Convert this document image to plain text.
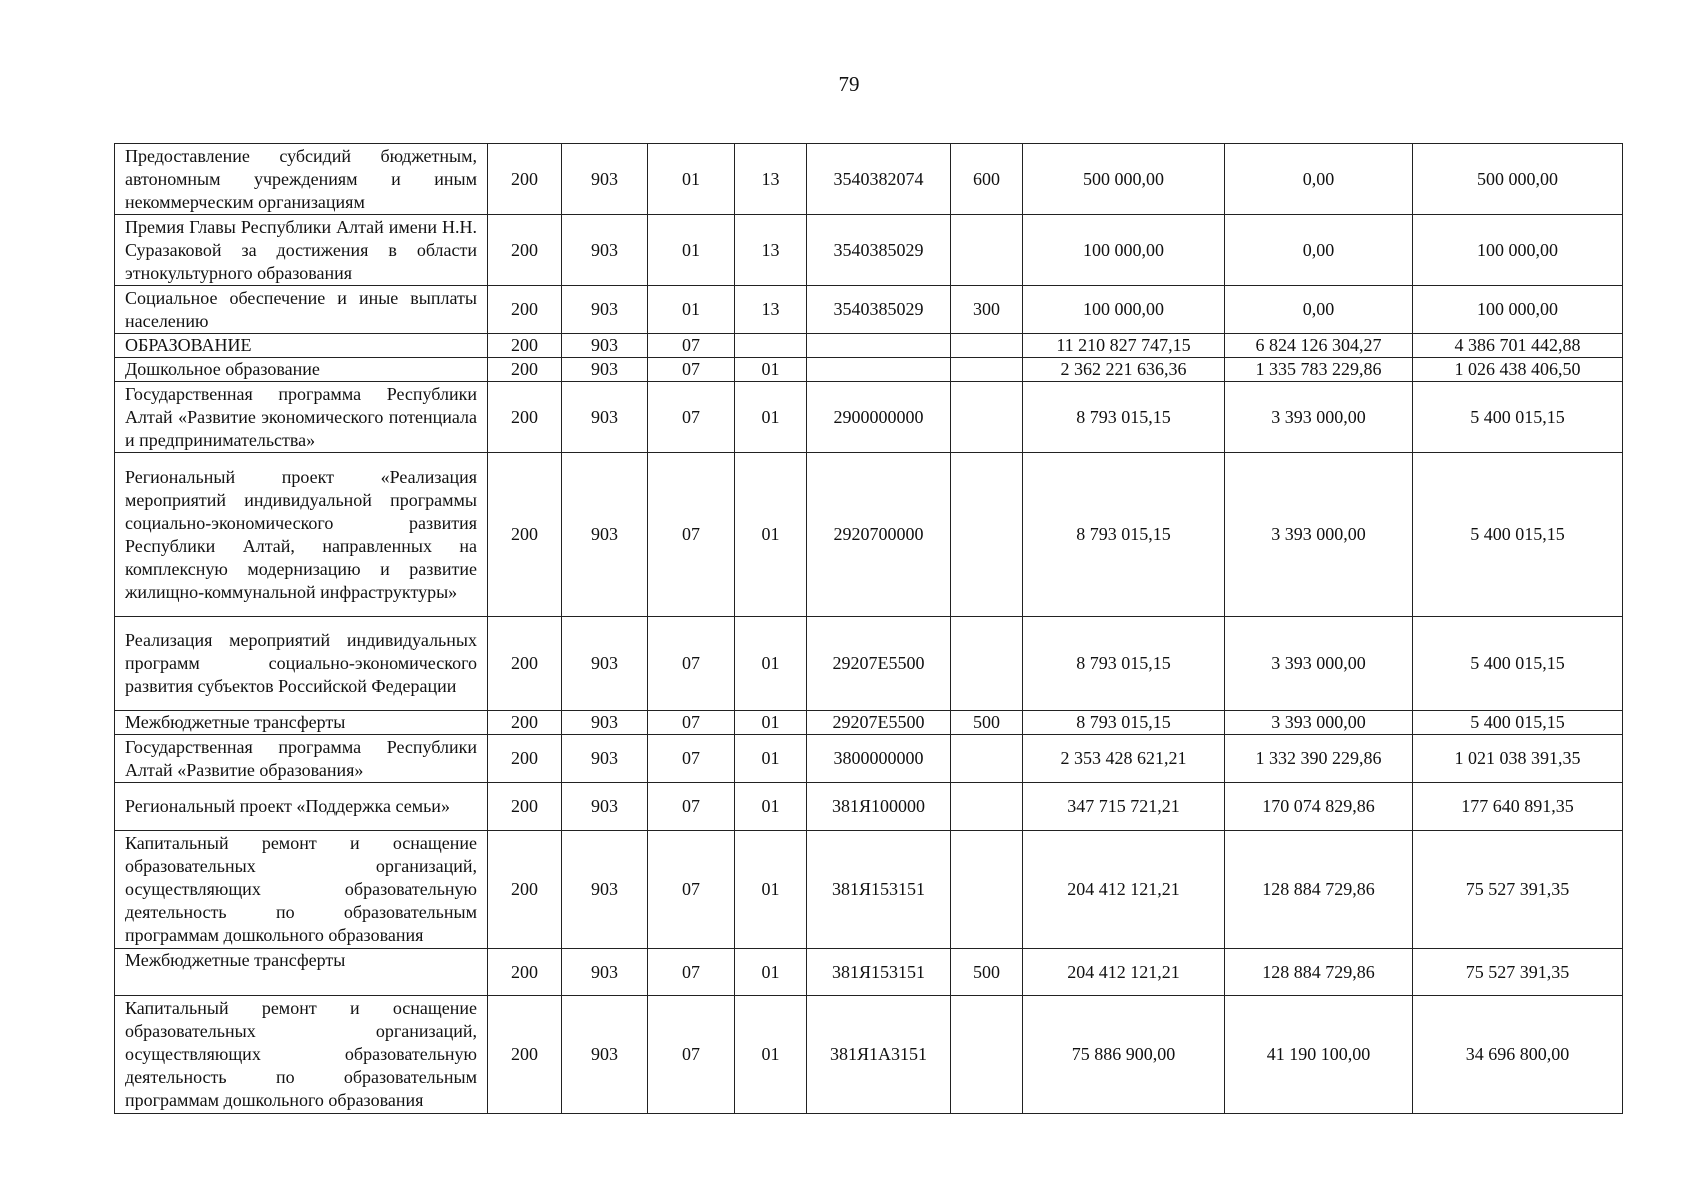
79
Предоставление субсидий бюджетным, автономным учреждениям и иным некоммерческим организациям	200	903	01	13	3540382074	600	500 000,00	0,00	500 000,00
Премия Главы Республики Алтай имени Н.Н. Суразаковой за достижения в области этнокультурного образования	200	903	01	13	3540385029		100 000,00	0,00	100 000,00
Социальное обеспечение и иные выплаты населению	200	903	01	13	3540385029	300	100 000,00	0,00	100 000,00
ОБРАЗОВАНИЕ	200	903	07				11 210 827 747,15	6 824 126 304,27	4 386 701 442,88
Дошкольное образование	200	903	07	01			2 362 221 636,36	1 335 783 229,86	1 026 438 406,50
Государственная программа Республики Алтай «Развитие экономического потенциала и предпринимательства»	200	903	07	01	2900000000		8 793 015,15	3 393 000,00	5 400 015,15
Региональный проект «Реализация мероприятий индивидуальной программы социально-экономического развития Республики Алтай, направленных на комплексную модернизацию и развитие жилищно-коммунальной инфраструктуры»	200	903	07	01	2920700000		8 793 015,15	3 393 000,00	5 400 015,15
Реализация мероприятий индивидуальных программ социально-экономического развития субъектов Российской Федерации	200	903	07	01	29207E5500		8 793 015,15	3 393 000,00	5 400 015,15
Межбюджетные трансферты	200	903	07	01	29207E5500	500	8 793 015,15	3 393 000,00	5 400 015,15
Государственная программа Республики Алтай «Развитие образования»	200	903	07	01	3800000000		2 353 428 621,21	1 332 390 229,86	1 021 038 391,35
Региональный проект «Поддержка семьи»	200	903	07	01	381Я100000		347 715 721,21	170 074 829,86	177 640 891,35
Капитальный ремонт и оснащение образовательных организаций, осуществляющих образовательную деятельность по образовательным программам дошкольного образования	200	903	07	01	381Я153151		204 412 121,21	128 884 729,86	75 527 391,35
Межбюджетные трансферты	200	903	07	01	381Я153151	500	204 412 121,21	128 884 729,86	75 527 391,35
Капитальный ремонт и оснащение образовательных организаций, осуществляющих образовательную деятельность по образовательным программам дошкольного образования	200	903	07	01	381Я1А3151		75 886 900,00	41 190 100,00	34 696 800,00
